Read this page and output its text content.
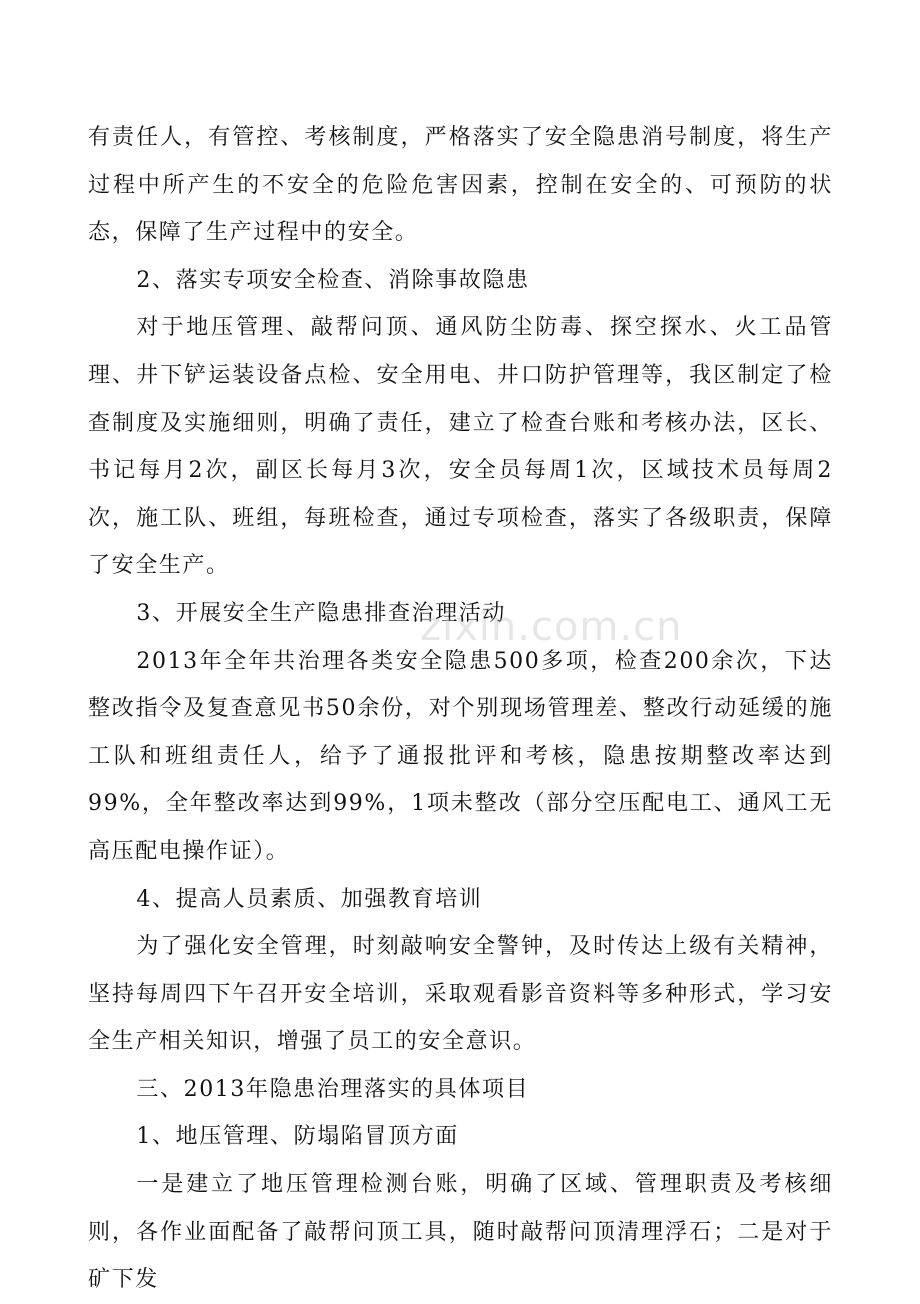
有责任人，有管控、考核制度，严格落实了安全隐患消号制度，将生产过程中所产生的不安全的危险危害因素，控制在安全的、可预防的状态，保障了生产过程中的安全。

2、落实专项安全检查、消除事故隐患

对于地压管理、敲帮问顶、通风防尘防毒、探空探水、火工品管理、井下铲运装设备点检、安全用电、井口防护管理等，我区制定了检查制度及实施细则，明确了责任，建立了检查台账和考核办法，区长、书记每月2次，副区长每月3次，安全员每周1次，区域技术员每周2次，施工队、班组，每班检查，通过专项检查，落实了各级职责，保障了安全生产。

3、开展安全生产隐患排查治理活动

2013年全年共治理各类安全隐患500多项，检查200余次，下达整改指令及复查意见书50余份，对个别现场管理差、整改行动延缓的施工队和班组责任人，给予了通报批评和考核，隐患按期整改率达到99%，全年整改率达到99%，1项未整改（部分空压配电工、通风工无高压配电操作证）。

4、提高人员素质、加强教育培训

为了强化安全管理，时刻敲响安全警钟，及时传达上级有关精神，坚持每周四下午召开安全培训，采取观看影音资料等多种形式，学习安全生产相关知识，增强了员工的安全意识。

三、2013年隐患治理落实的具体项目

1、地压管理、防塌陷冒顶方面

一是建立了地压管理检测台账，明确了区域、管理职责及考核细则，各作业面配备了敲帮问顶工具，随时敲帮问顶清理浮石；二是对于矿下发

zixin.com.cn
